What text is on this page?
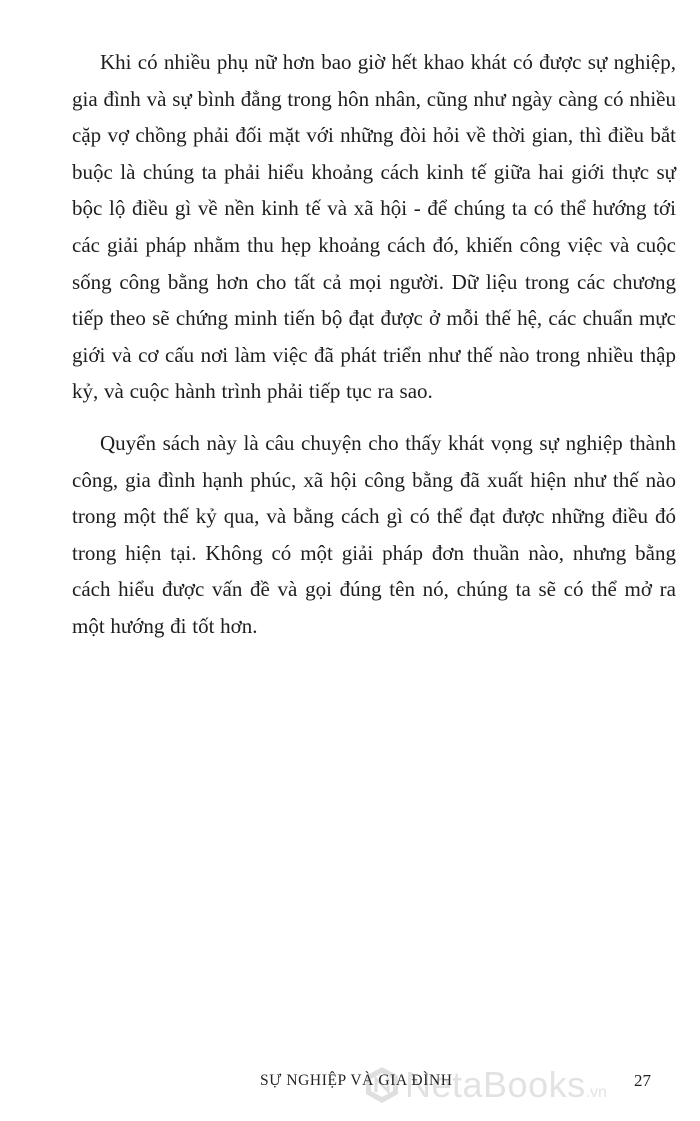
Khi có nhiều phụ nữ hơn bao giờ hết khao khát có được sự nghiệp, gia đình và sự bình đẳng trong hôn nhân, cũng như ngày càng có nhiều cặp vợ chồng phải đối mặt với những đòi hỏi về thời gian, thì điều bắt buộc là chúng ta phải hiểu khoảng cách kinh tế giữa hai giới thực sự bộc lộ điều gì về nền kinh tế và xã hội - để chúng ta có thể hướng tới các giải pháp nhằm thu hẹp khoảng cách đó, khiến công việc và cuộc sống công bằng hơn cho tất cả mọi người. Dữ liệu trong các chương tiếp theo sẽ chứng minh tiến bộ đạt được ở mỗi thế hệ, các chuẩn mực giới và cơ cấu nơi làm việc đã phát triển như thế nào trong nhiều thập kỷ, và cuộc hành trình phải tiếp tục ra sao.

Quyển sách này là câu chuyện cho thấy khát vọng sự nghiệp thành công, gia đình hạnh phúc, xã hội công bằng đã xuất hiện như thế nào trong một thế kỷ qua, và bằng cách gì có thể đạt được những điều đó trong hiện tại. Không có một giải pháp đơn thuần nào, nhưng bằng cách hiểu được vấn đề và gọi đúng tên nó, chúng ta sẽ có thể mở ra một hướng đi tốt hơn.

NetaBooks.vn
SỰ NGHIỆP VÀ GIA ĐÌNH	27
